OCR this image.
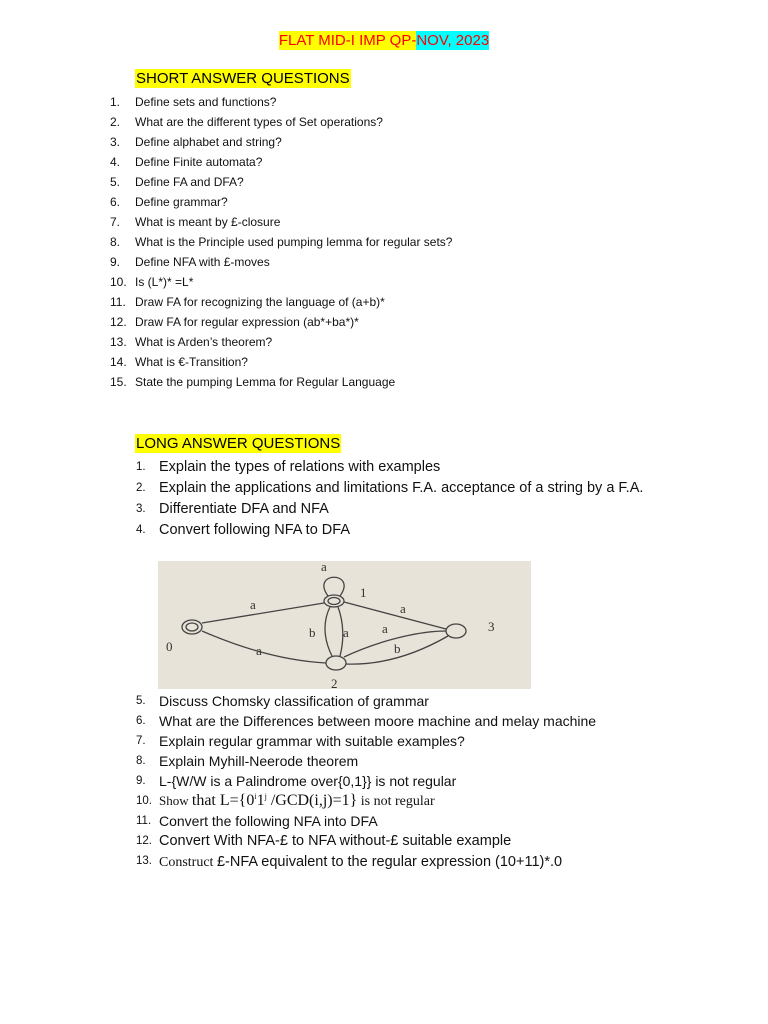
FLAT MID-I IMP QP-NOV, 2023
SHORT ANSWER QUESTIONS
1.	Define sets and functions?
2.	What are the different types of Set operations?
3.	Define alphabet and string?
4.	Define Finite automata?
5.	Define FA and DFA?
6.	Define grammar?
7.	What is meant by £-closure
8.	What is the Principle used pumping lemma for regular sets?
9.	Define NFA with £-moves
10. Is (L*)* =L*
11. Draw FA for recognizing the language of (a+b)*
12. Draw FA for regular expression (ab*+ba*)*
13. What is Arden’s theorem?
14. What is €-Transition?
15. State the pumping Lemma for Regular Language
LONG ANSWER QUESTIONS
1. Explain the types of relations with examples
2. Explain the applications and limitations F.A. acceptance of a string by a F.A.
3. Differentiate DFA and NFA
4. Convert following NFA to DFA
0
1
2
3
a
a
a
a
b
b a	a
5. Discuss Chomsky classification of grammar
6. What are the Differences between moore machine and melay machine
7. Explain regular grammar with suitable examples?
8. Explain Myhill-Neerode theorem
9. L-{W/W is a Palindrome over{0,1}} is not regular
10. Show that $L=\{0^i1^j$ /GCD(i,j)=1} is not regular
11. Convert the following NFA into DFA
12. Convert With NFA-£ to NFA without-£ suitable example
13. Construct £-NFA equivalent to the regular expression (10+11)*.0
